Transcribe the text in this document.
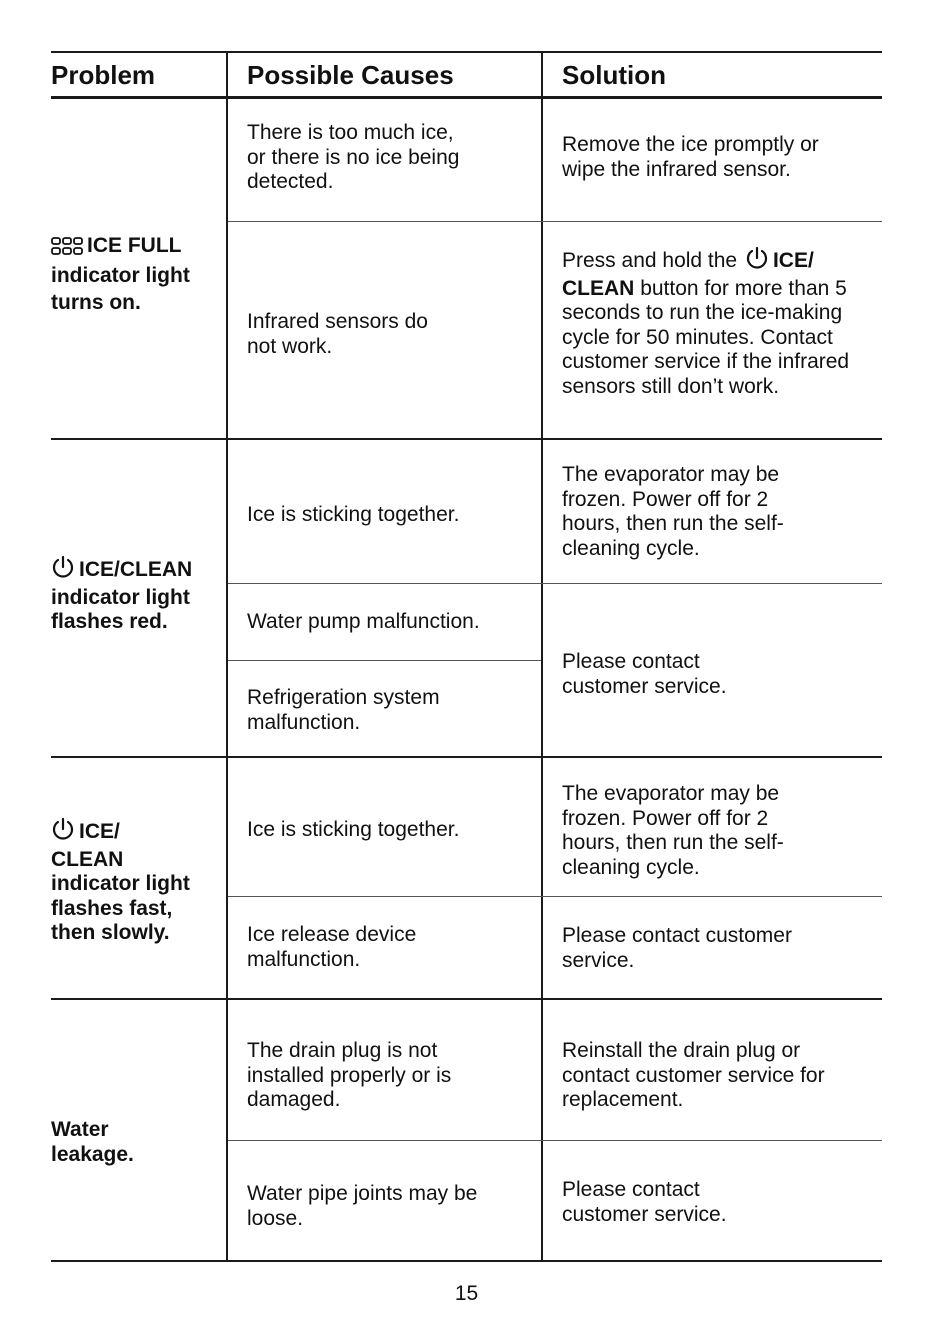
Problem	Possible Causes	Solution
ICE FULL
indicator light turns on.
There is too much ice, or there is no ice being detected.
Infrared sensors do not work.
Remove the ice promptly or wipe the infrared sensor.
Press and hold the ICE/ CLEAN button for more than 5 seconds to run the ice-making cycle for 50 minutes. Contact customer service if the infrared sensors still don’t work.
ICE/CLEAN
indicator light flashes red.
Ice is sticking together.
Water pump malfunction.
Refrigeration system malfunction.
The evaporator may be frozen. Power off for 2 hours, then run the self-cleaning cycle.
Please contact customer service.
ICE/
CLEAN indicator light flashes fast, then slowly.
Ice is sticking together.
Ice release device malfunction.
The evaporator may be frozen. Power off for 2 hours, then run the self-cleaning cycle.
Please contact customer service.
Water leakage.
The drain plug is not installed properly or is damaged.
Water pipe joints may be loose.
Reinstall the drain plug or contact customer service for replacement.
Please contact customer service.
15
